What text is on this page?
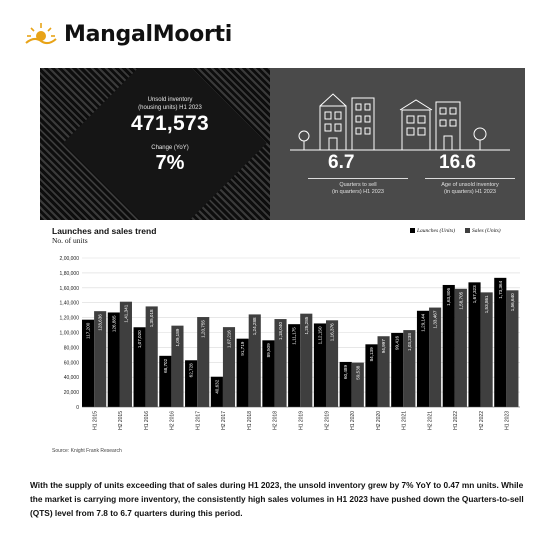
MangalMoorti
Unsold inventory
(housing units) H1 2023
471,573
Change (YoY)
7%	6.7
Quarters to sell
(in quarters) H1 2023
16.6
Age of unsold inventory
(in quarters) H1 2023
Launches and sales trend
No. of units
Launches (Units)	Sales (Units)
0
20,000
40,000
60,000
80,000
1,00,000
1,20,000
1,40,000
1,60,000
1,80,000
2,00,000
117,200
128,636
H1 2015
126,885
1,41,341
H2 2015
1,07,020
1,35,018
H1 2016
68,702
1,09,189
H2 2016
62,728
1,20,755
H1 2017
40,632
1,07,216
H2 2017
91,719
1,24,288
H1 2018
89,509
1,18,040
H2 2018
1,11,175
1,25,285
H1 2019
1,12,150 1,16,376
H2 2019
60,489 59,538
H1 2020
84,139
94,997
H2 2020
99,416 1,03,238
H1 2021
1,29,144 1,33,467
H2 2021
1,63,806 1,58,705
H1 2022
1,67,323
1,53,861
H2 2022
1,73,364
1,56,640
H1 2023
Source: Knight Frank Research
With the supply of units exceeding that of sales during H1 2023, the unsold inventory grew by 7% YoY to 0.47 mn units. While the market is carrying more inventory, the consistently high sales volumes in H1 2023 have pushed down the Quarters-to-sell (QTS) level from 7.8 to 6.7 quarters during this period.
